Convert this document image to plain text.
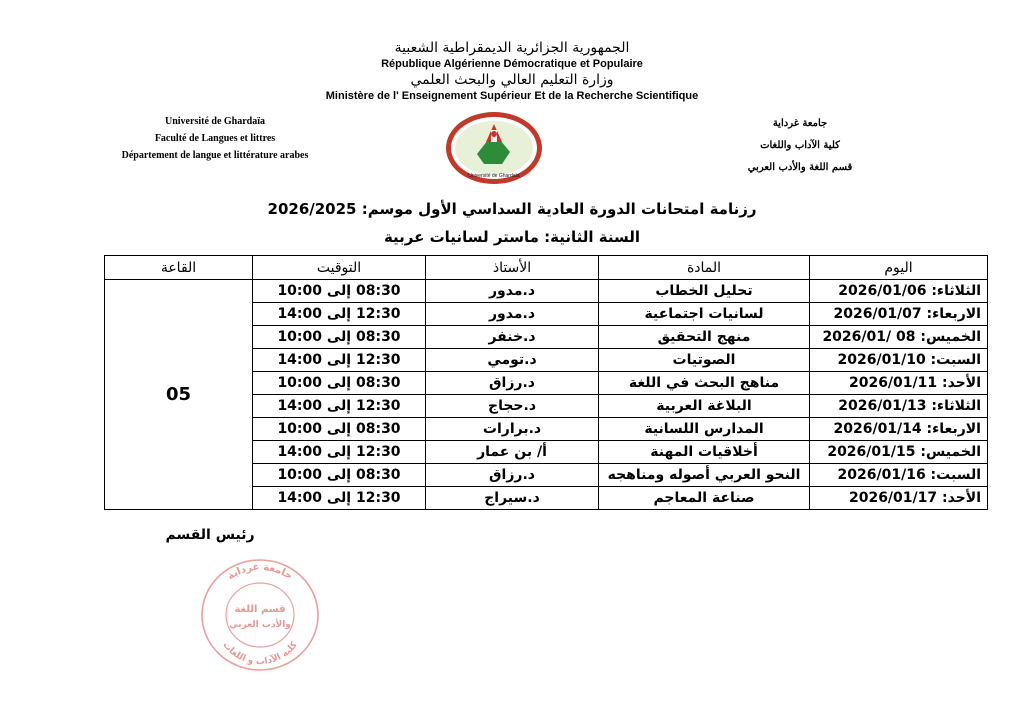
الجمهورية الجزائرية الديمقراطية الشعبية
République Algérienne Démocratique et Populaire
وزارة التعليم العالي والبحث العلمي
Ministère de l' Enseignement Supérieur Et de la Recherche Scientifique
Université de Ghardaïa
Faculté de Langues et littres
Département de langue et littérature arabes
Université de Ghardaïa
جامعة غرداية
كلية الآداب واللغات
قسم اللغة والأدب العربي
رزنامة امتحانات الدورة العادية السداسي الأول موسم: 2026/2025
السنة الثانية: ماستر لسانيات عربية
اليوم	المادة	الأستاذ	التوقيت	القاعة
الثلاثاء: 2026/01/06	تحليل الخطاب	د.مدور	08:30 إلى 10:00	05
الاربعاء: 2026/01/07	لسانيات اجتماعية	د.مدور	12:30 إلى 14:00	
الخميس: 08 /2026/01	منهج التحقيق	د.خنفر	08:30 إلى 10:00	
السبت: 2026/01/10	الصوتيات	د.تومي	12:30 إلى 14:00	
الأحد: 2026/01/11	مناهج البحث في اللغة	د.رزاق	08:30 إلى 10:00	
الثلاثاء: 2026/01/13	البلاغة العربية	د.حجاج	12:30 إلى 14:00	
الاربعاء: 2026/01/14	المدارس اللسانية	د.برارات	08:30 إلى 10:00	
الخميس: 2026/01/15	أخلاقيات المهنة	أ/ بن عمار	12:30 إلى 14:00	
السبت: 2026/01/16	النحو العربي أصوله ومناهجه	د.رزاق	08:30 إلى 10:00	
الأحد: 2026/01/17	صناعة المعاجم	د.سيراج	12:30 إلى 14:00	
رئيس القسم
جامعة غرداية
قسم اللغة
والأدب العربي
كلية الآداب و اللغات
